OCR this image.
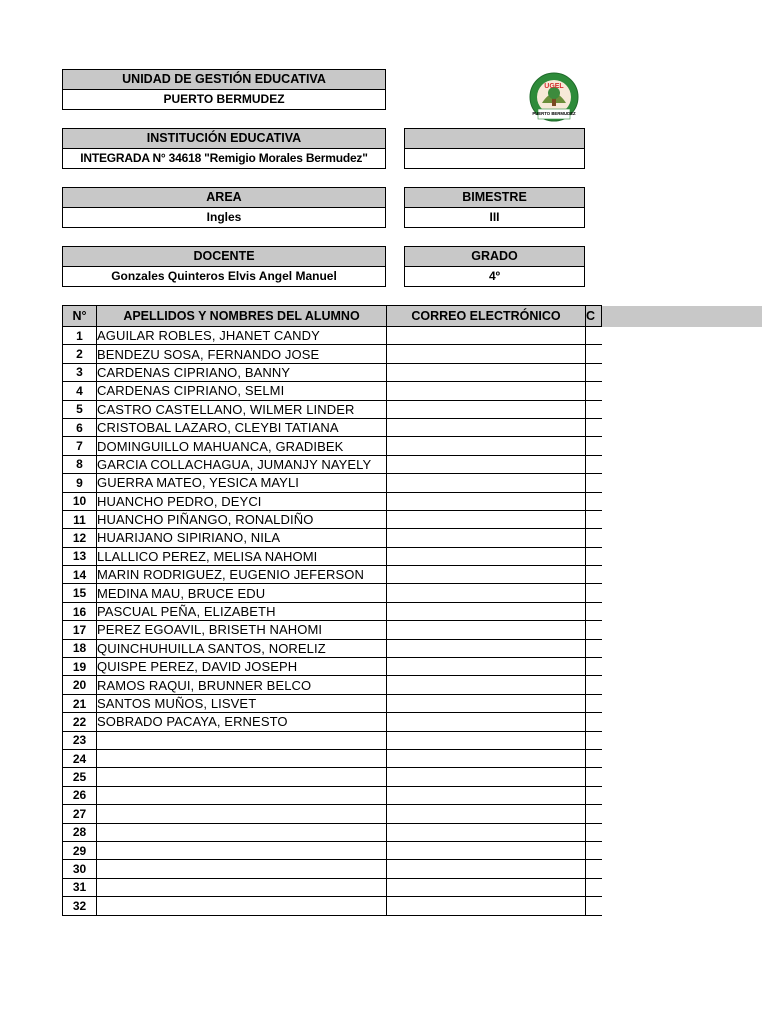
UNIDAD DE GESTIÓN EDUCATIVA
PUERTO BERMUDEZ
UGEL
PUERTO BERMUDEZ
INSTITUCIÓN EDUCATIVA
INTEGRADA N° 34618 "Remigio Morales Bermudez"
AREA
Ingles
BIMESTRE
III
DOCENTE
Gonzales Quinteros Elvis Angel Manuel
GRADO
4º
N°	APELLIDOS Y NOMBRES DEL ALUMNO	CORREO ELECTRÓNICO	C
1	AGUILAR ROBLES, JHANET CANDY		
2	BENDEZU SOSA, FERNANDO JOSE		
3	CARDENAS CIPRIANO, BANNY		
4	CARDENAS CIPRIANO, SELMI		
5	CASTRO CASTELLANO, WILMER LINDER		
6	CRISTOBAL LAZARO, CLEYBI TATIANA		
7	DOMINGUILLO MAHUANCA, GRADIBEK		
8	GARCIA COLLACHAGUA, JUMANJY NAYELY		
9	GUERRA MATEO, YESICA MAYLI		
10	HUANCHO PEDRO, DEYCI		
11	HUANCHO PIÑANGO, RONALDIÑO		
12	HUARIJANO SIPIRIANO, NILA		
13	LLALLICO PEREZ, MELISA NAHOMI		
14	MARIN RODRIGUEZ, EUGENIO JEFERSON		
15	MEDINA MAU, BRUCE EDU		
16	PASCUAL PEÑA, ELIZABETH		
17	PEREZ EGOAVIL, BRISETH NAHOMI		
18	QUINCHUHUILLA SANTOS, NORELIZ		
19	QUISPE PEREZ, DAVID JOSEPH		
20	RAMOS RAQUI, BRUNNER BELCO		
21	SANTOS MUÑOS, LISVET		
22	SOBRADO PACAYA, ERNESTO		
23			
24			
25			
26			
27			
28			
29			
30			
31			
32			
